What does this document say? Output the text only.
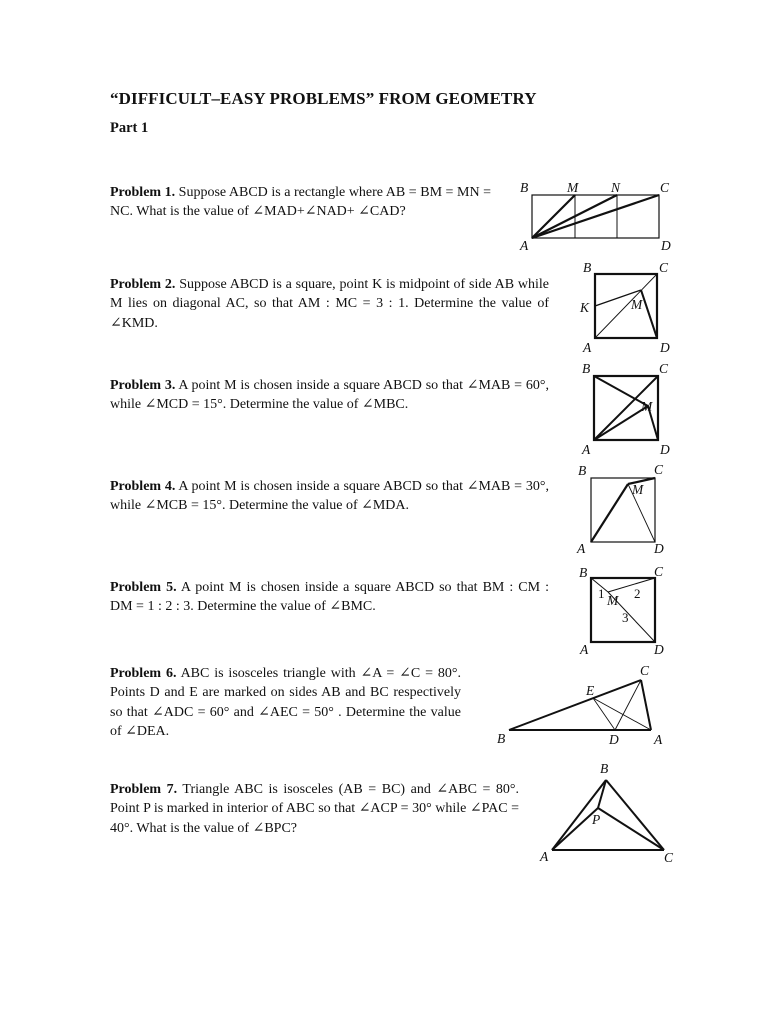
“DIFFICULT–EASY PROBLEMS” FROM GEOMETRY
Part 1
Problem 1. Suppose ABCD is a rectangle where AB = BM = MN = NC. What is the value of ∠MAD+∠NAD+ ∠CAD?
B	M N	C
A	D
Problem 2. Suppose ABCD is a square, point K is midpoint of side AB while M lies on diagonal AC, so that AM : MC = 3 : 1. Determine the value of ∠KMD.
B	C
K	M
A	D
Problem 3. A point M is chosen inside a square ABCD so that ∠MAB = 60°, while ∠MCD = 15°. Determine the value of ∠MBC.
B	C
M
A	D
Problem 4. A point M is chosen inside a square ABCD so that ∠MAB = 30°, while ∠MCB = 15°. Determine the value of ∠MDA.
B	C
M
A	D
Problem 5. A point M is chosen inside a square ABCD so that BM : CM : DM = 1 : 2 : 3. Determine the value of ∠BMC.
B	C
M
1 2
3
A	D
Problem 6. ABC is isosceles triangle with ∠A = ∠C = 80°. Points D and E are marked on sides AB and BC respectively so that ∠ADC = 60° and ∠AEC = 50° . Determine the value of ∠DEA.
C
E
B	D	A
Problem 7. Triangle ABC is isosceles (AB = BC) and ∠ABC = 80°. Point P is marked in interior of ABC so that ∠ACP = 30° while ∠PAC = 40°. What is the value of ∠BPC?
B
P
A	C
